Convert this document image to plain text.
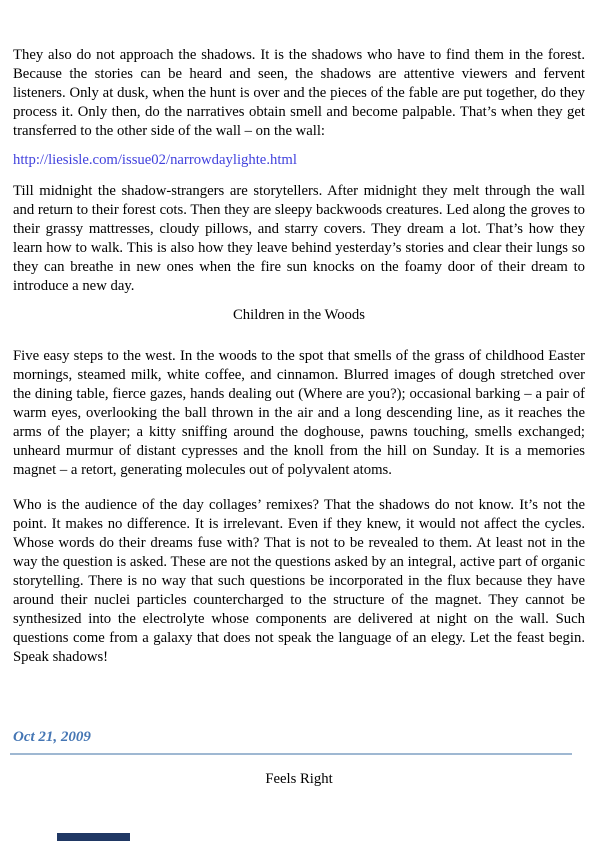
They also do not approach the shadows. It is the shadows who have to find them in the forest. Because the stories can be heard and seen, the shadows are attentive viewers and fervent listeners. Only at dusk, when the hunt is over and the pieces of the fable are put together, do they process it. Only then, do the narratives obtain smell and become palpable. That’s when they get transferred to the other side of the wall – on the wall:

http://liesisle.com/issue02/narrowdaylighte.html

Till midnight the shadow-strangers are storytellers. After midnight they melt through the wall and return to their forest cots. Then they are sleepy backwoods creatures. Led along the groves to their grassy mattresses, cloudy pillows, and starry covers. They dream a lot. That’s how they learn how to walk. This is also how they leave behind yesterday’s stories and clear their lungs so they can breathe in new ones when the fire sun knocks on the foamy door of their dream to introduce a new day.

Children in the Woods

Five easy steps to the west. In the woods to the spot that smells of the grass of childhood Easter mornings, steamed milk, white coffee, and cinnamon. Blurred images of dough stretched over the dining table, fierce gazes, hands dealing out (Where are you?); occasional barking – a pair of warm eyes, overlooking the ball thrown in the air and a long descending line, as it reaches the arms of the player; a kitty sniffing around the doghouse, pawns touching, smells exchanged; unheard murmur of distant cypresses and the knoll from the hill on Sunday. It is a memories magnet – a retort, generating molecules out of polyvalent atoms.

Who is the audience of the day collages’ remixes? That the shadows do not know. It’s not the point. It makes no difference. It is irrelevant. Even if they knew, it would not affect the cycles. Whose words do their dreams fuse with? That is not to be revealed to them. At least not in the way the question is asked. These are not the questions asked by an integral, active part of organic storytelling. There is no way that such questions be incorporated in the flux because they have around their nuclei particles countercharged to the structure of the magnet. They cannot be synthesized into the electrolyte whose components are delivered at night on the wall. Such questions come from a galaxy that does not speak the language of an elegy. Let the feast begin. Speak shadows!

Oct 21, 2009
Feels Right
